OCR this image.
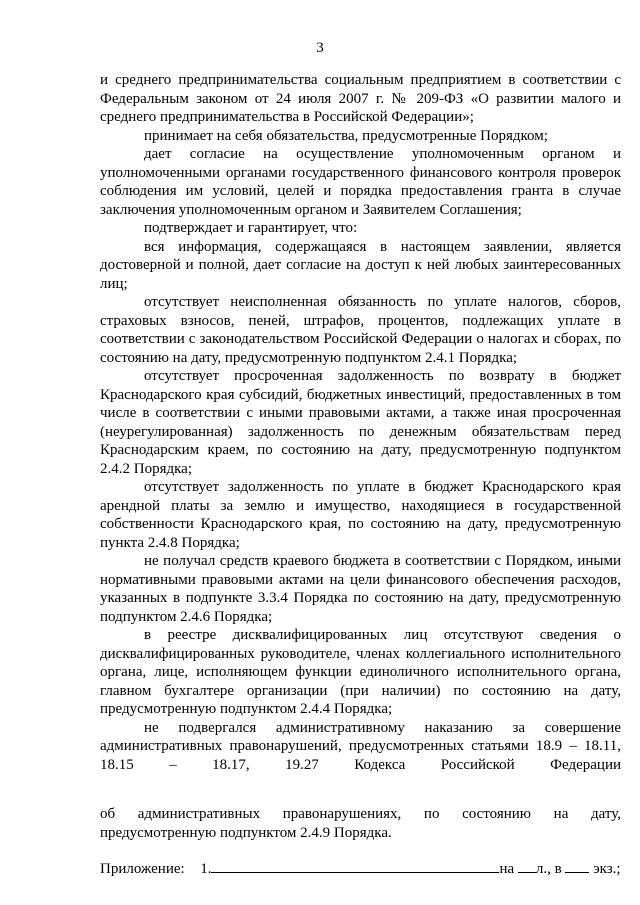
3

и среднего предпринимательства социальным предприятием в соответствии с Федеральным законом от 24 июля 2007 г. № 209-ФЗ «О развитии малого и среднего предпринимательства в Российской Федерации»;

принимает на себя обязательства, предусмотренные Порядком;

дает согласие на осуществление уполномоченным органом и уполномоченными органами государственного финансового контроля проверок соблюдения им условий, целей и порядка предоставления гранта в случае заключения уполномоченным органом и Заявителем Соглашения;

подтверждает и гарантирует, что:

вся информация, содержащаяся в настоящем заявлении, является достоверной и полной, дает согласие на доступ к ней любых заинтересованных лиц;

отсутствует неисполненная обязанность по уплате налогов, сборов, страховых взносов, пеней, штрафов, процентов, подлежащих уплате в соответствии с законодательством Российской Федерации о налогах и сборах, по состоянию на дату, предусмотренную подпунктом 2.4.1 Порядка;

отсутствует просроченная задолженность по возврату в бюджет Краснодарского края субсидий, бюджетных инвестиций, предоставленных в том числе в соответствии с иными правовыми актами, а также иная просроченная (неурегулированная) задолженность по денежным обязательствам перед Краснодарским краем, по состоянию на дату, предусмотренную подпунктом 2.4.2 Порядка;

отсутствует задолженность по уплате в бюджет Краснодарского края арендной платы за землю и имущество, находящиеся в государственной собственности Краснодарского края, по состоянию на дату, предусмотренную пункта 2.4.8 Порядка;

не получал средств краевого бюджета в соответствии с Порядком, иными нормативными правовыми актами на цели финансового обеспечения расходов, указанных в подпункте 3.3.4 Порядка по состоянию на дату, предусмотренную подпунктом 2.4.6 Порядка;

в реестре дисквалифицированных лиц отсутствуют сведения о дисквалифицированных руководителе, членах коллегиального исполнительного органа, лице, исполняющем функции единоличного исполнительного органа, главном бухгалтере организации (при наличии) по состоянию на дату, предусмотренную подпунктом 2.4.4 Порядка;

не подвергался административному наказанию за совершение административных правонарушений, предусмотренных статьями 18.9 – 18.11, 18.15 – 18.17, 19.27 Кодекса Российской Федерации

об административных правонарушениях, по состоянию на дату, предусмотренную подпунктом 2.4.9 Порядка.

Приложение: 1.	на л., в экз.;
